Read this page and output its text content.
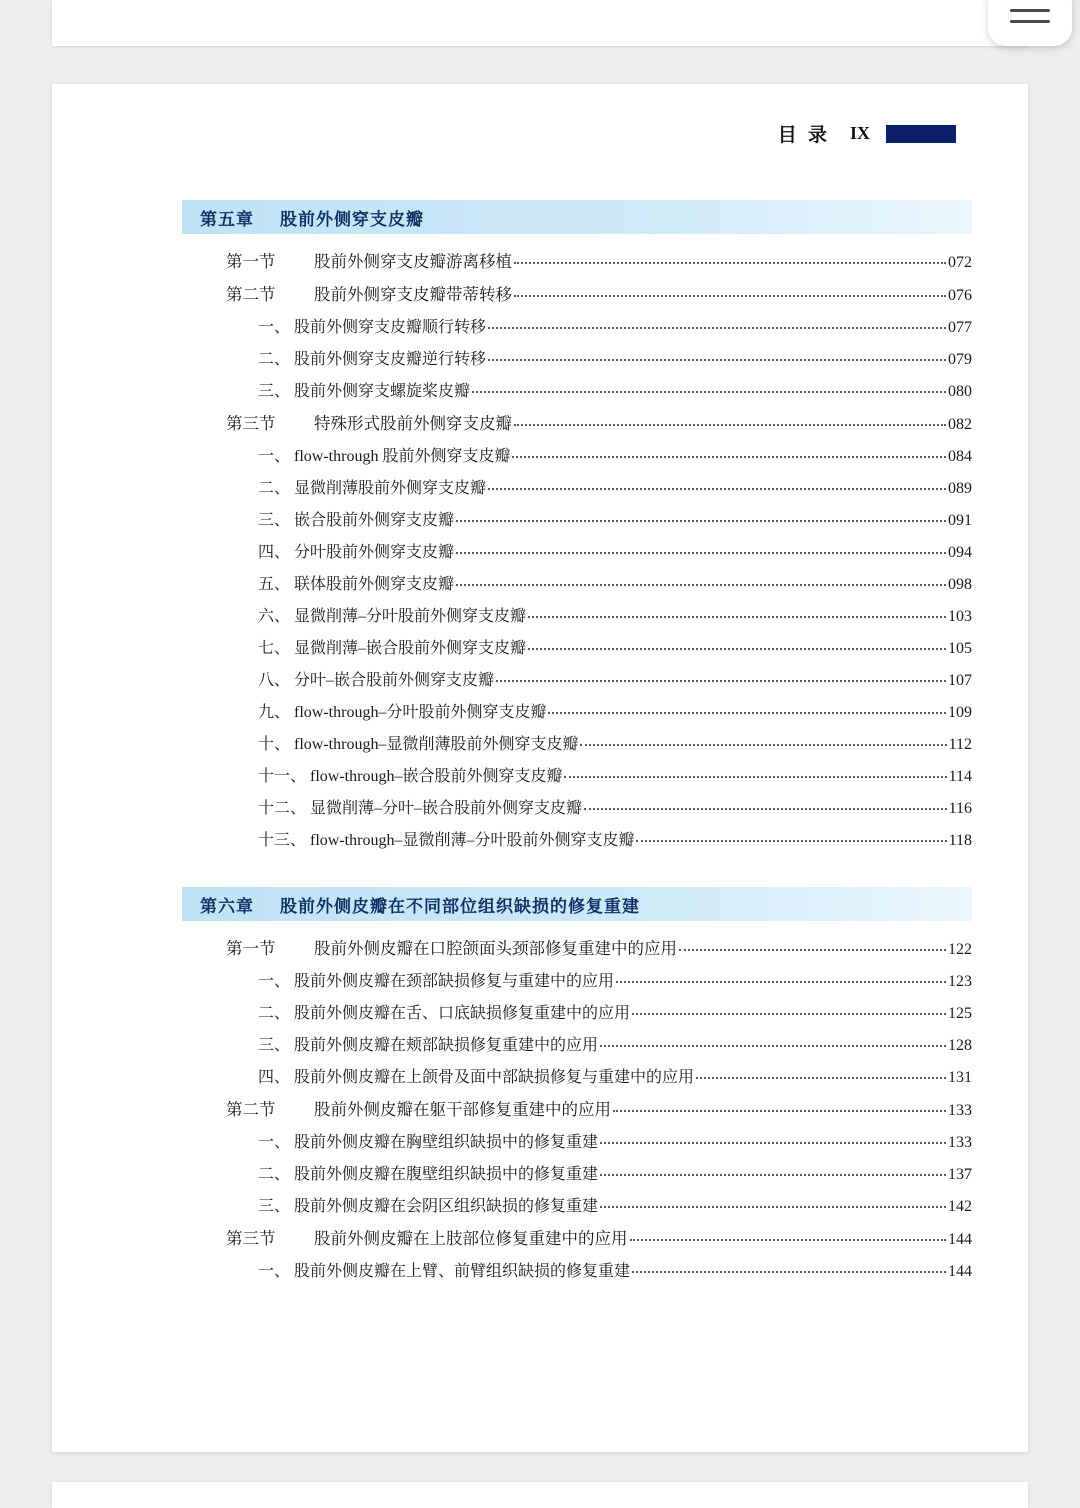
目 录 IX
第五章 股前外侧穿支皮瓣
第一节 股前外侧穿支皮瓣游离移植	072
第二节 股前外侧穿支皮瓣带蒂转移	076
一、 股前外侧穿支皮瓣顺行转移	077
二、 股前外侧穿支皮瓣逆行转移	079
三、 股前外侧穿支螺旋桨皮瓣	080
第三节 特殊形式股前外侧穿支皮瓣	082
一、 flow-through 股前外侧穿支皮瓣	084
二、 显微削薄股前外侧穿支皮瓣	089
三、 嵌合股前外侧穿支皮瓣	091
四、 分叶股前外侧穿支皮瓣	094
五、 联体股前外侧穿支皮瓣	098
六、 显微削薄–分叶股前外侧穿支皮瓣	103
七、 显微削薄–嵌合股前外侧穿支皮瓣	105
八、 分叶–嵌合股前外侧穿支皮瓣	107
九、 flow-through–分叶股前外侧穿支皮瓣	109
十、 flow-through–显微削薄股前外侧穿支皮瓣	112
十一、 flow-through–嵌合股前外侧穿支皮瓣	114
十二、 显微削薄–分叶–嵌合股前外侧穿支皮瓣	116
十三、 flow-through–显微削薄–分叶股前外侧穿支皮瓣	118
第六章 股前外侧皮瓣在不同部位组织缺损的修复重建
第一节 股前外侧皮瓣在口腔颌面头颈部修复重建中的应用	122
一、 股前外侧皮瓣在颈部缺损修复与重建中的应用	123
二、 股前外侧皮瓣在舌、口底缺损修复重建中的应用	125
三、 股前外侧皮瓣在颊部缺损修复重建中的应用	128
四、 股前外侧皮瓣在上颌骨及面中部缺损修复与重建中的应用	131
第二节 股前外侧皮瓣在躯干部修复重建中的应用	133
一、 股前外侧皮瓣在胸壁组织缺损中的修复重建	133
二、 股前外侧皮瓣在腹壁组织缺损中的修复重建	137
三、 股前外侧皮瓣在会阴区组织缺损的修复重建	142
第三节 股前外侧皮瓣在上肢部位修复重建中的应用	144
一、 股前外侧皮瓣在上臂、前臂组织缺损的修复重建	144
